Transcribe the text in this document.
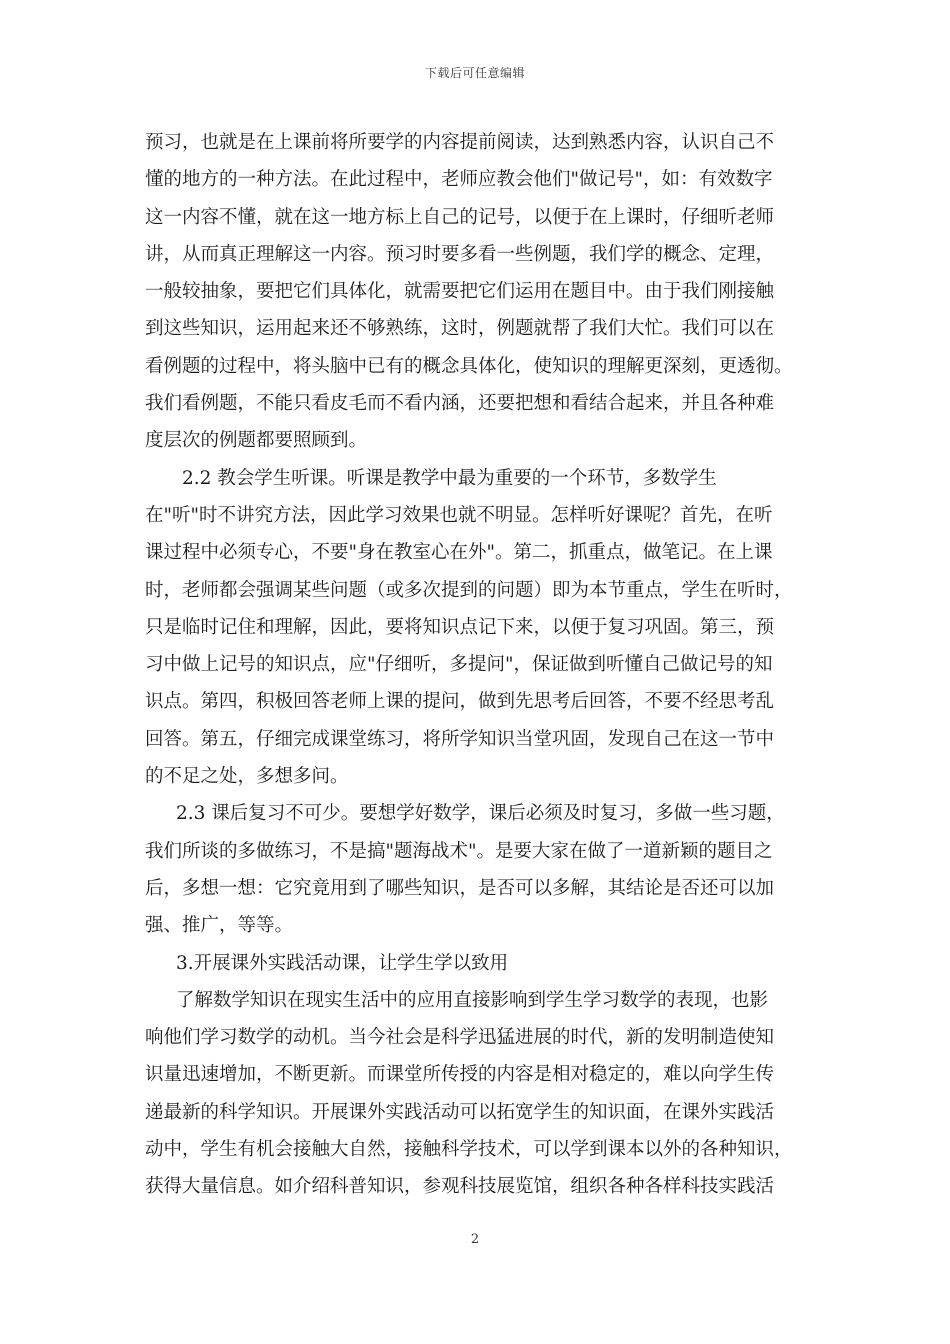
下载后可任意编辑
预习，也就是在上课前将所要学的内容提前阅读，达到熟悉内容，认识自己不
懂的地方的一种方法。在此过程中，老师应教会他们"做记号"，如：有效数字
这一内容不懂，就在这一地方标上自己的记号，以便于在上课时，仔细听老师
讲，从而真正理解这一内容。预习时要多看一些例题，我们学的概念、定理，
一般较抽象，要把它们具体化，就需要把它们运用在题目中。由于我们刚接触
到这些知识，运用起来还不够熟练，这时，例题就帮了我们大忙。我们可以在
看例题的过程中，将头脑中已有的概念具体化，使知识的理解更深刻，更透彻。
我们看例题，不能只看皮毛而不看内涵，还要把想和看结合起来，并且各种难
度层次的例题都要照顾到。
2.2 教会学生听课。听课是教学中最为重要的一个环节，多数学生
在"听"时不讲究方法，因此学习效果也就不明显。怎样听好课呢？首先，在听
课过程中必须专心，不要"身在教室心在外"。第二，抓重点，做笔记。在上课
时，老师都会强调某些问题（或多次提到的问题）即为本节重点，学生在听时，
只是临时记住和理解，因此，要将知识点记下来，以便于复习巩固。第三，预
习中做上记号的知识点，应"仔细听，多提问"，保证做到听懂自己做记号的知
识点。第四，积极回答老师上课的提问，做到先思考后回答，不要不经思考乱
回答。第五，仔细完成课堂练习，将所学知识当堂巩固，发现自己在这一节中
的不足之处，多想多问。
2.3 课后复习不可少。要想学好数学，课后必须及时复习，多做一些习题，
我们所谈的多做练习，不是搞"题海战术"。是要大家在做了一道新颖的题目之
后，多想一想：它究竟用到了哪些知识，是否可以多解，其结论是否还可以加
强、推广，等等。
3.开展课外实践活动课，让学生学以致用
了解数学知识在现实生活中的应用直接影响到学生学习数学的表现，也影
响他们学习数学的动机。当今社会是科学迅猛进展的时代，新的发明制造使知
识量迅速增加，不断更新。而课堂所传授的内容是相对稳定的，难以向学生传
递最新的科学知识。开展课外实践活动可以拓宽学生的知识面，在课外实践活
动中，学生有机会接触大自然，接触科学技术，可以学到课本以外的各种知识，
获得大量信息。如介绍科普知识，参观科技展览馆，组织各种各样科技实践活
2
